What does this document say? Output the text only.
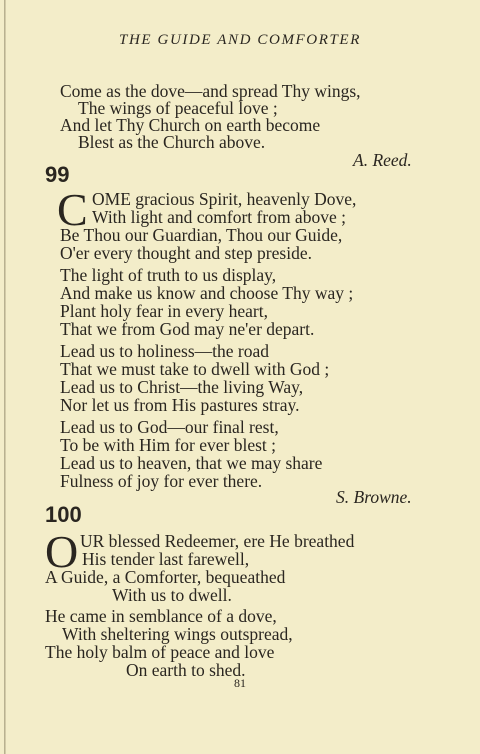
THE GUIDE AND COMFORTER
Come as the dove—and spread Thy wings,
The wings of peaceful love ;
And let Thy Church on earth become
Blest as the Church above.
A. Reed.
99
C OME gracious Spirit, heavenly Dove,
With light and comfort from above ;
Be Thou our Guardian, Thou our Guide,
O'er every thought and step preside.
The light of truth to us display,
And make us know and choose Thy way ;
Plant holy fear in every heart,
That we from God may ne'er depart.
Lead us to holiness—the road
That we must take to dwell with God ;
Lead us to Christ—the living Way,
Nor let us from His pastures stray.
Lead us to God—our final rest,
To be with Him for ever blest ;
Lead us to heaven, that we may share
Fulness of joy for ever there.
S. Browne.
100
O UR blessed Redeemer, ere He breathed
His tender last farewell,
A Guide, a Comforter, bequeathed
With us to dwell.
He came in semblance of a dove,
With sheltering wings outspread,
The holy balm of peace and love
On earth to shed.
81
